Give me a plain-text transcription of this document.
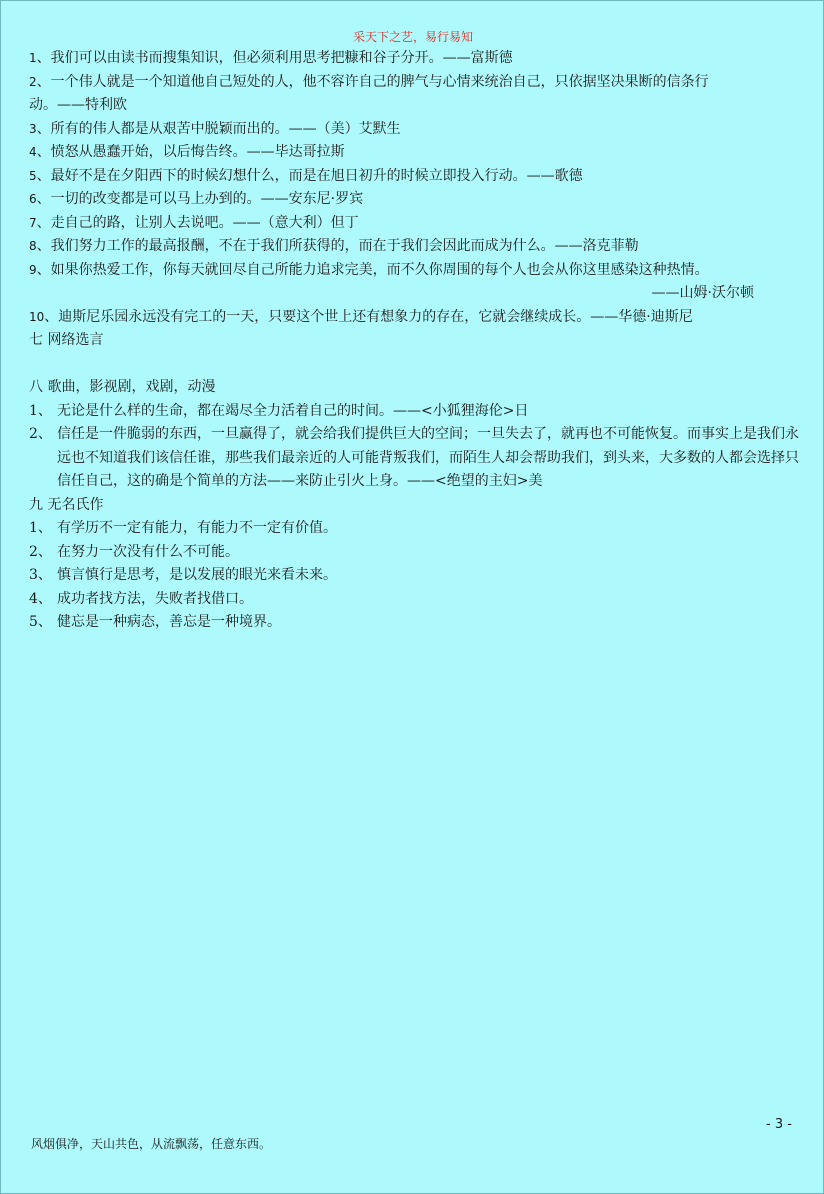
采天下之艺，易行易知
1、我们可以由读书而搜集知识，但必须利用思考把糠和谷子分开。——富斯德
2、一个伟人就是一个知道他自己短处的人，他不容许自己的脾气与心情来统治自己，只依据坚决果断的信条行
动。——特利欧
3、所有的伟人都是从艰苦中脱颖而出的。——（美）艾默生
4、愤怒从愚蠢开始，以后悔告终。——毕达哥拉斯
5、最好不是在夕阳西下的时候幻想什么，而是在旭日初升的时候立即投入行动。——歌德
6、一切的改变都是可以马上办到的。——安东尼·罗宾
7、走自己的路，让别人去说吧。——（意大利）但丁
8、我们努力工作的最高报酬，不在于我们所获得的，而在于我们会因此而成为什么。——洛克菲勒
9、如果你热爱工作，你每天就回尽自己所能力追求完美，而不久你周围的每个人也会从你这里感染这种热情。
——山姆·沃尔顿
10、迪斯尼乐园永远没有完工的一天，只要这个世上还有想象力的存在，它就会继续成长。——华德·迪斯尼
七 网络选言
八 歌曲，影视剧，戏剧，动漫
1、 无论是什么样的生命，都在竭尽全力活着自己的时间。——<小狐狸海伦>日
2、 信任是一件脆弱的东西，一旦赢得了，就会给我们提供巨大的空间；一旦失去了，就再也不可能恢复。而事实上是我们永远也不知道我们该信任谁，那些我们最亲近的人可能背叛我们，而陌生人却会帮助我们，到头来，大多数的人都会选择只信任自己，这的确是个简单的方法——来防止引火上身。——<绝望的主妇>美
九 无名氏作
1、 有学历不一定有能力，有能力不一定有价值。
2、 在努力一次没有什么不可能。
3、 慎言慎行是思考，是以发展的眼光来看未来。
4、 成功者找方法，失败者找借口。
5、 健忘是一种病态，善忘是一种境界。
- 3 -
风烟俱净，天山共色，从流飘荡，任意东西。
